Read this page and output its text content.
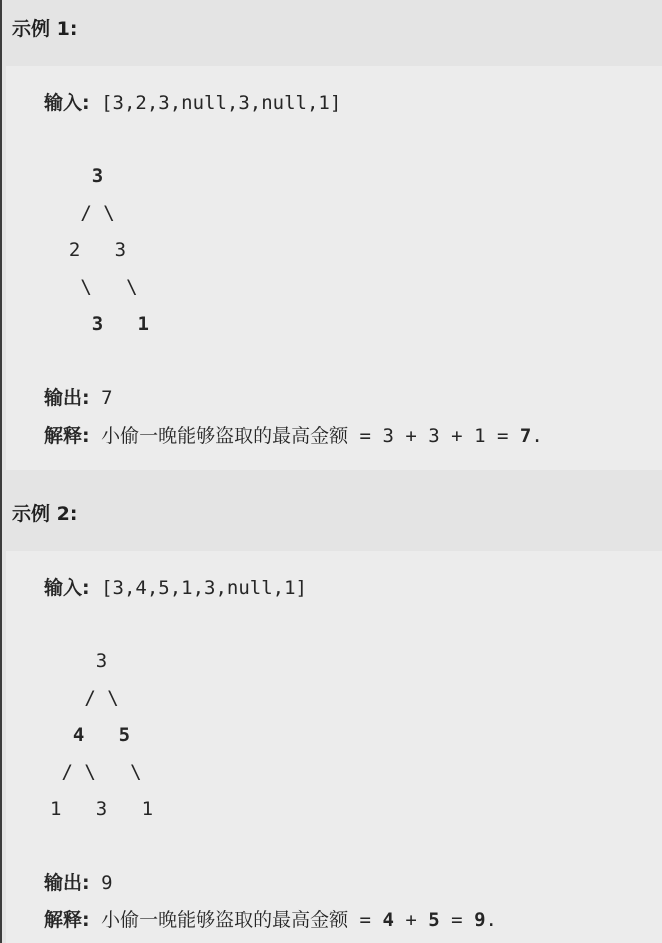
示例 1:
输入: [3,2,3,null,3,null,1]
3
/ \
2 3
\ \
3 1
输出: 7
解释: 小偷一晚能够盗取的最高金额 = 3 + 3 + 1 = 7.
示例 2:
输入: [3,4,5,1,3,null,1]
3
/ \
4 5
/ \ \
1 3 1
输出: 9
解释: 小偷一晚能够盗取的最高金额 = 4 + 5 = 9.
